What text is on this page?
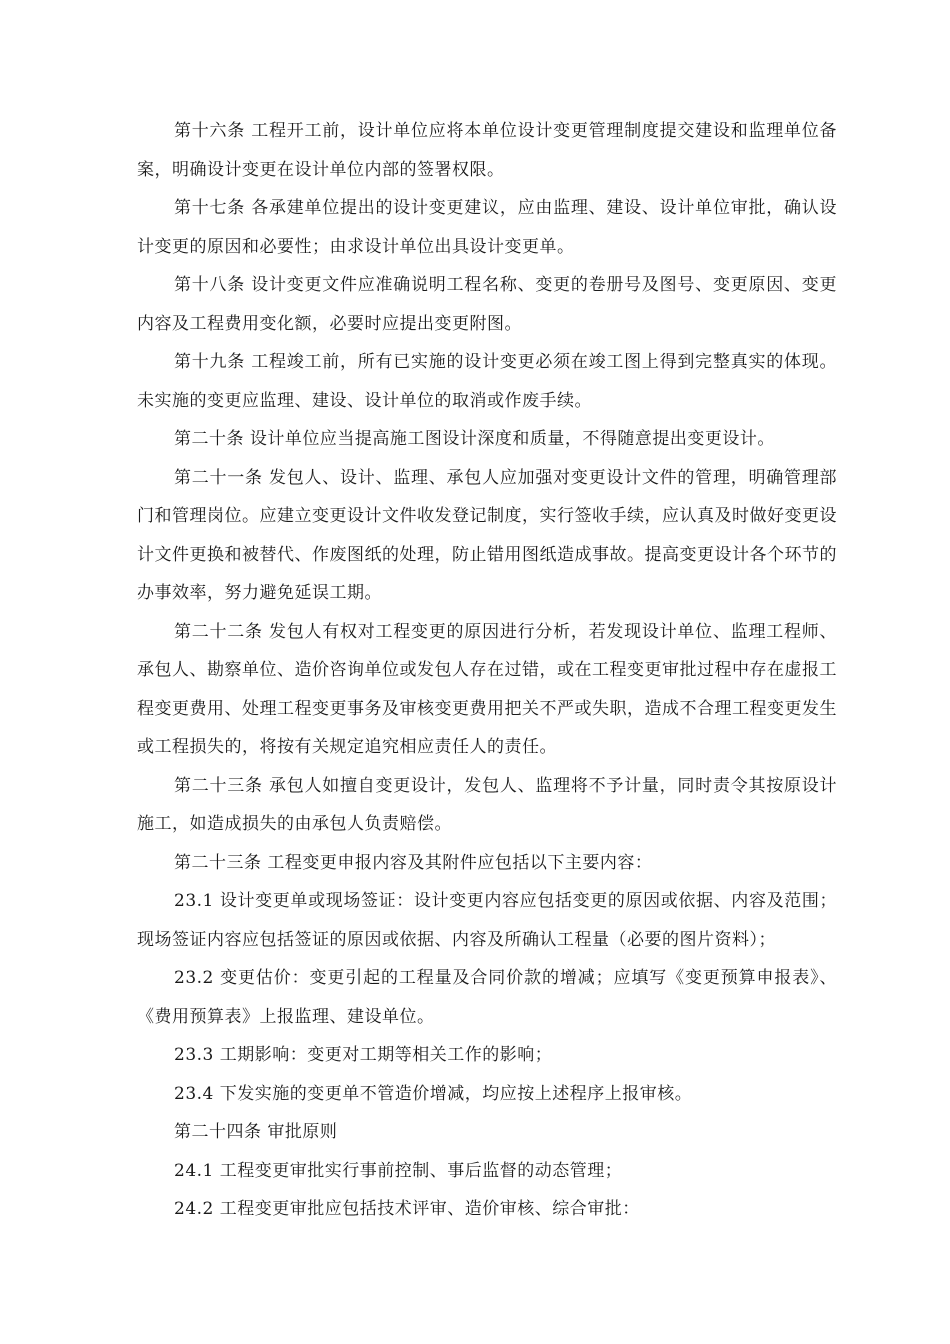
第十六条 工程开工前，设计单位应将本单位设计变更管理制度提交建设和监理单位备案，明确设计变更在设计单位内部的签署权限。

第十七条 各承建单位提出的设计变更建议，应由监理、建设、设计单位审批，确认设计变更的原因和必要性；由求设计单位出具设计变更单。

第十八条 设计变更文件应准确说明工程名称、变更的卷册号及图号、变更原因、变更内容及工程费用变化额，必要时应提出变更附图。

第十九条 工程竣工前，所有已实施的设计变更必须在竣工图上得到完整真实的体现。未实施的变更应监理、建设、设计单位的取消或作废手续。

第二十条 设计单位应当提高施工图设计深度和质量，不得随意提出变更设计。

第二十一条 发包人、设计、监理、承包人应加强对变更设计文件的管理，明确管理部门和管理岗位。应建立变更设计文件收发登记制度，实行签收手续，应认真及时做好变更设计文件更换和被替代、作废图纸的处理，防止错用图纸造成事故。提高变更设计各个环节的办事效率，努力避免延误工期。

第二十二条 发包人有权对工程变更的原因进行分析，若发现设计单位、监理工程师、承包人、勘察单位、造价咨询单位或发包人存在过错，或在工程变更审批过程中存在虚报工程变更费用、处理工程变更事务及审核变更费用把关不严或失职，造成不合理工程变更发生或工程损失的，将按有关规定追究相应责任人的责任。

第二十三条 承包人如擅自变更设计，发包人、监理将不予计量，同时责令其按原设计施工，如造成损失的由承包人负责赔偿。

第二十三条 工程变更申报内容及其附件应包括以下主要内容：

23.1 设计变更单或现场签证：设计变更内容应包括变更的原因或依据、内容及范围；现场签证内容应包括签证的原因或依据、内容及所确认工程量（必要的图片资料）；

23.2 变更估价：变更引起的工程量及合同价款的增减；应填写《变更预算申报表》、《费用预算表》上报监理、建设单位。

23.3 工期影响：变更对工期等相关工作的影响；

23.4 下发实施的变更单不管造价增减，均应按上述程序上报审核。

第二十四条 审批原则

24.1 工程变更审批实行事前控制、事后监督的动态管理；

24.2 工程变更审批应包括技术评审、造价审核、综合审批：
